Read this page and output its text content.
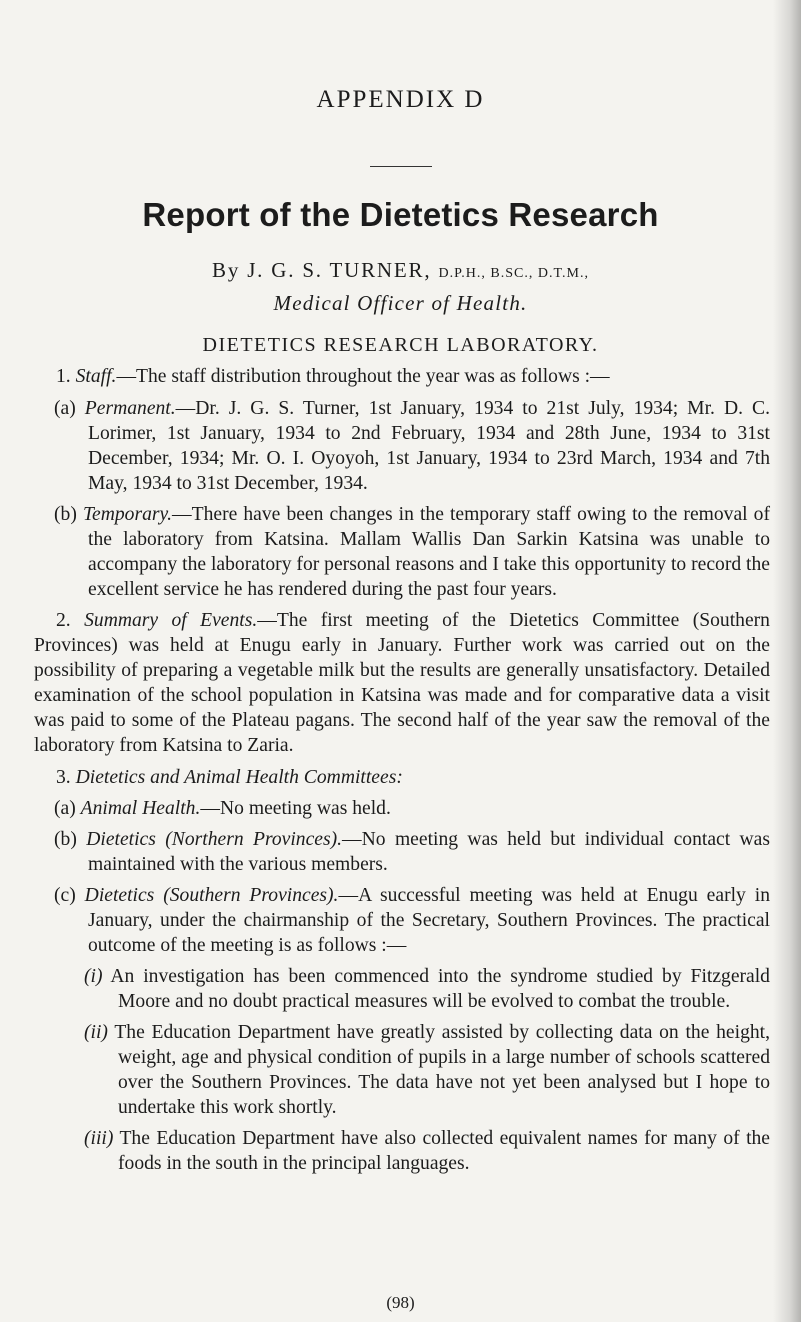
APPENDIX D
Report of the Dietetics Research
By J. G. S. TURNER, D.P.H., B.SC., D.T.M.,
Medical Officer of Health.
DIETETICS RESEARCH LABORATORY.

1. Staff.—The staff distribution throughout the year was as follows :—

(a) Permanent.—Dr. J. G. S. Turner, 1st January, 1934 to 21st July, 1934; Mr. D. C. Lorimer, 1st January, 1934 to 2nd February, 1934 and 28th June, 1934 to 31st December, 1934; Mr. O. I. Oyoyoh, 1st January, 1934 to 23rd March, 1934 and 7th May, 1934 to 31st December, 1934.

(b) Temporary.—There have been changes in the temporary staff owing to the removal of the laboratory from Katsina. Mallam Wallis Dan Sarkin Katsina was unable to accompany the laboratory for personal reasons and I take this opportunity to record the excellent service he has rendered during the past four years.

2. Summary of Events.—The first meeting of the Dietetics Committee (Southern Provinces) was held at Enugu early in January. Further work was carried out on the possibility of preparing a vegetable milk but the results are generally unsatisfactory. Detailed examination of the school population in Katsina was made and for comparative data a visit was paid to some of the Plateau pagans. The second half of the year saw the removal of the laboratory from Katsina to Zaria.

3. Dietetics and Animal Health Committees:

(a) Animal Health.—No meeting was held.

(b) Dietetics (Northern Provinces).—No meeting was held but individual contact was maintained with the various members.

(c) Dietetics (Southern Provinces).—A successful meeting was held at Enugu early in January, under the chairmanship of the Secretary, Southern Provinces. The practical outcome of the meeting is as follows :—

(i) An investigation has been commenced into the syndrome studied by Fitzgerald Moore and no doubt practical measures will be evolved to combat the trouble.

(ii) The Education Department have greatly assisted by collecting data on the height, weight, age and physical condition of pupils in a large number of schools scattered over the Southern Provinces. The data have not yet been analysed but I hope to undertake this work shortly.

(iii) The Education Department have also collected equivalent names for many of the foods in the south in the principal languages.

(98)
